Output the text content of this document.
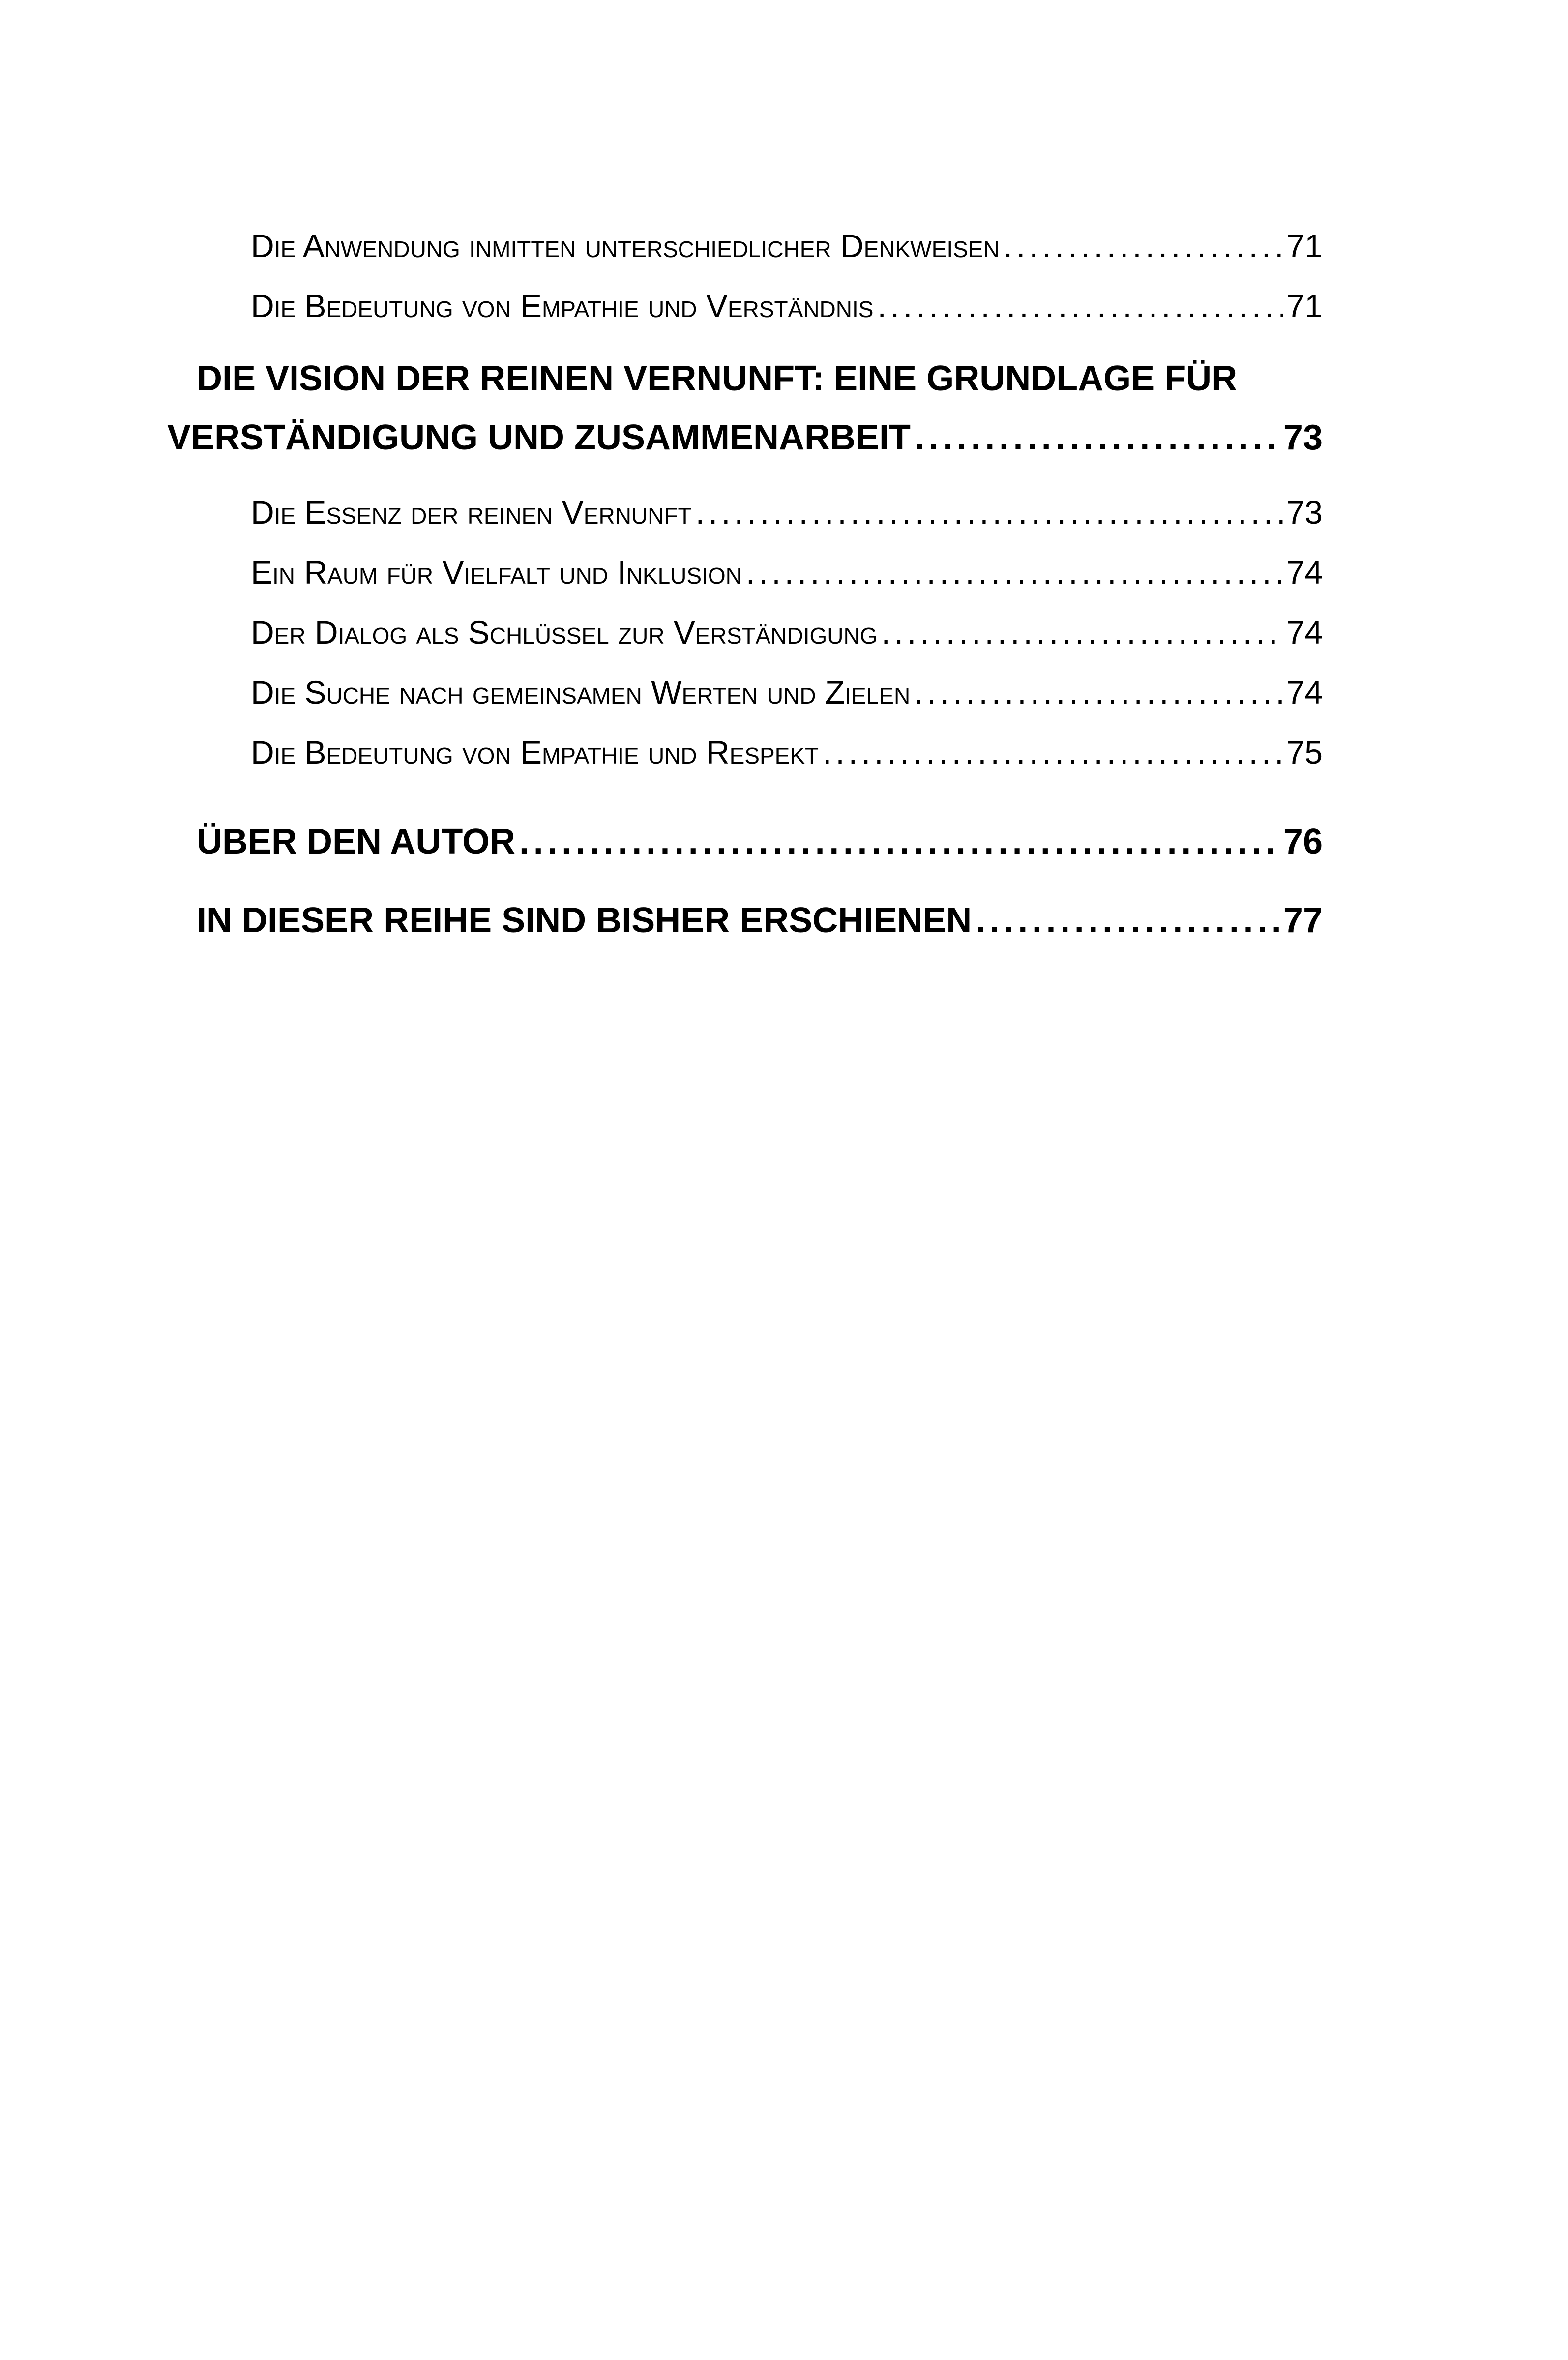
Die Anwendung inmitten unterschiedlicher Denkweisen .....	71
Die Bedeutung von Empathie und Verständnis .....	71
DIE VISION DER REINEN VERNUNFT: EINE GRUNDLAGE FÜR
VERSTÄNDIGUNG UND ZUSAMMENARBEIT .....	73
Die Essenz der reinen Vernunft .....	73
Ein Raum für Vielfalt und Inklusion .....	74
Der Dialog als Schlüssel zur Verständigung .....	74
Die Suche nach gemeinsamen Werten und Zielen .....	74
Die Bedeutung von Empathie und Respekt .....	75
ÜBER DEN AUTOR .....	76
IN DIESER REIHE SIND BISHER ERSCHIENEN .....	77
